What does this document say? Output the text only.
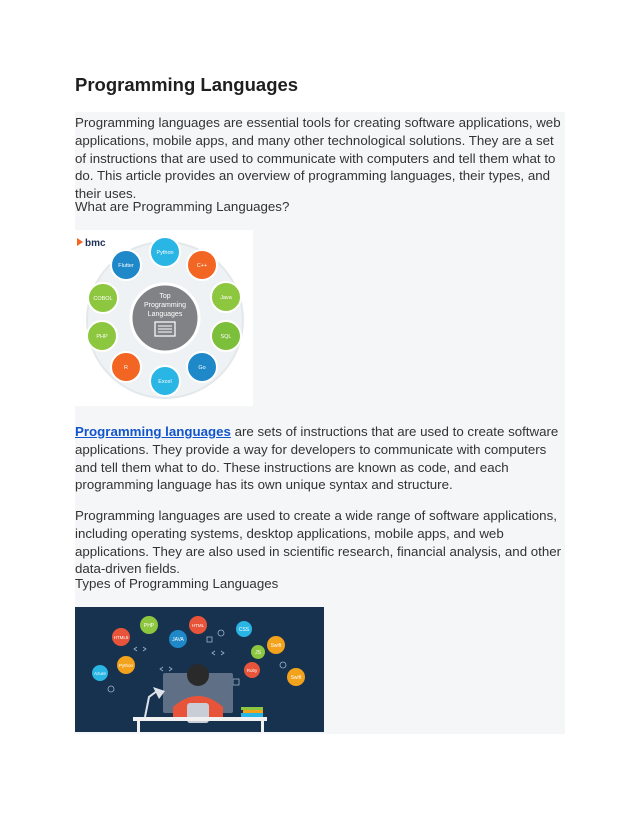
Programming Languages

Programming languages are essential tools for creating software applications, web applications, mobile apps, and many other technological solutions. They are a set of instructions that are used to communicate with computers and tell them what to do. This article provides an overview of programming languages, their types, and their uses.

What are Programming Languages?

bmc
Top
Programming
Languages
Python
Flutter	C++
COBOL	Java
PHP	SQL
R	Go
Excel

Programming languages are sets of instructions that are used to create software applications. They provide a way for developers to communicate with computers and tell them what to do. These instructions are known as code, and each programming language has its own unique syntax and structure.

Programming languages are used to create a wide range of software applications, including operating systems, desktop applications, mobile apps, and web applications. They are also used in scientific research, financial analysis, and other data-driven fields.

Types of Programming Languages

PHP
HTML5	JAVA
HTML
CSS
Swift
Python
Azure
Ruby
JS
Swift
